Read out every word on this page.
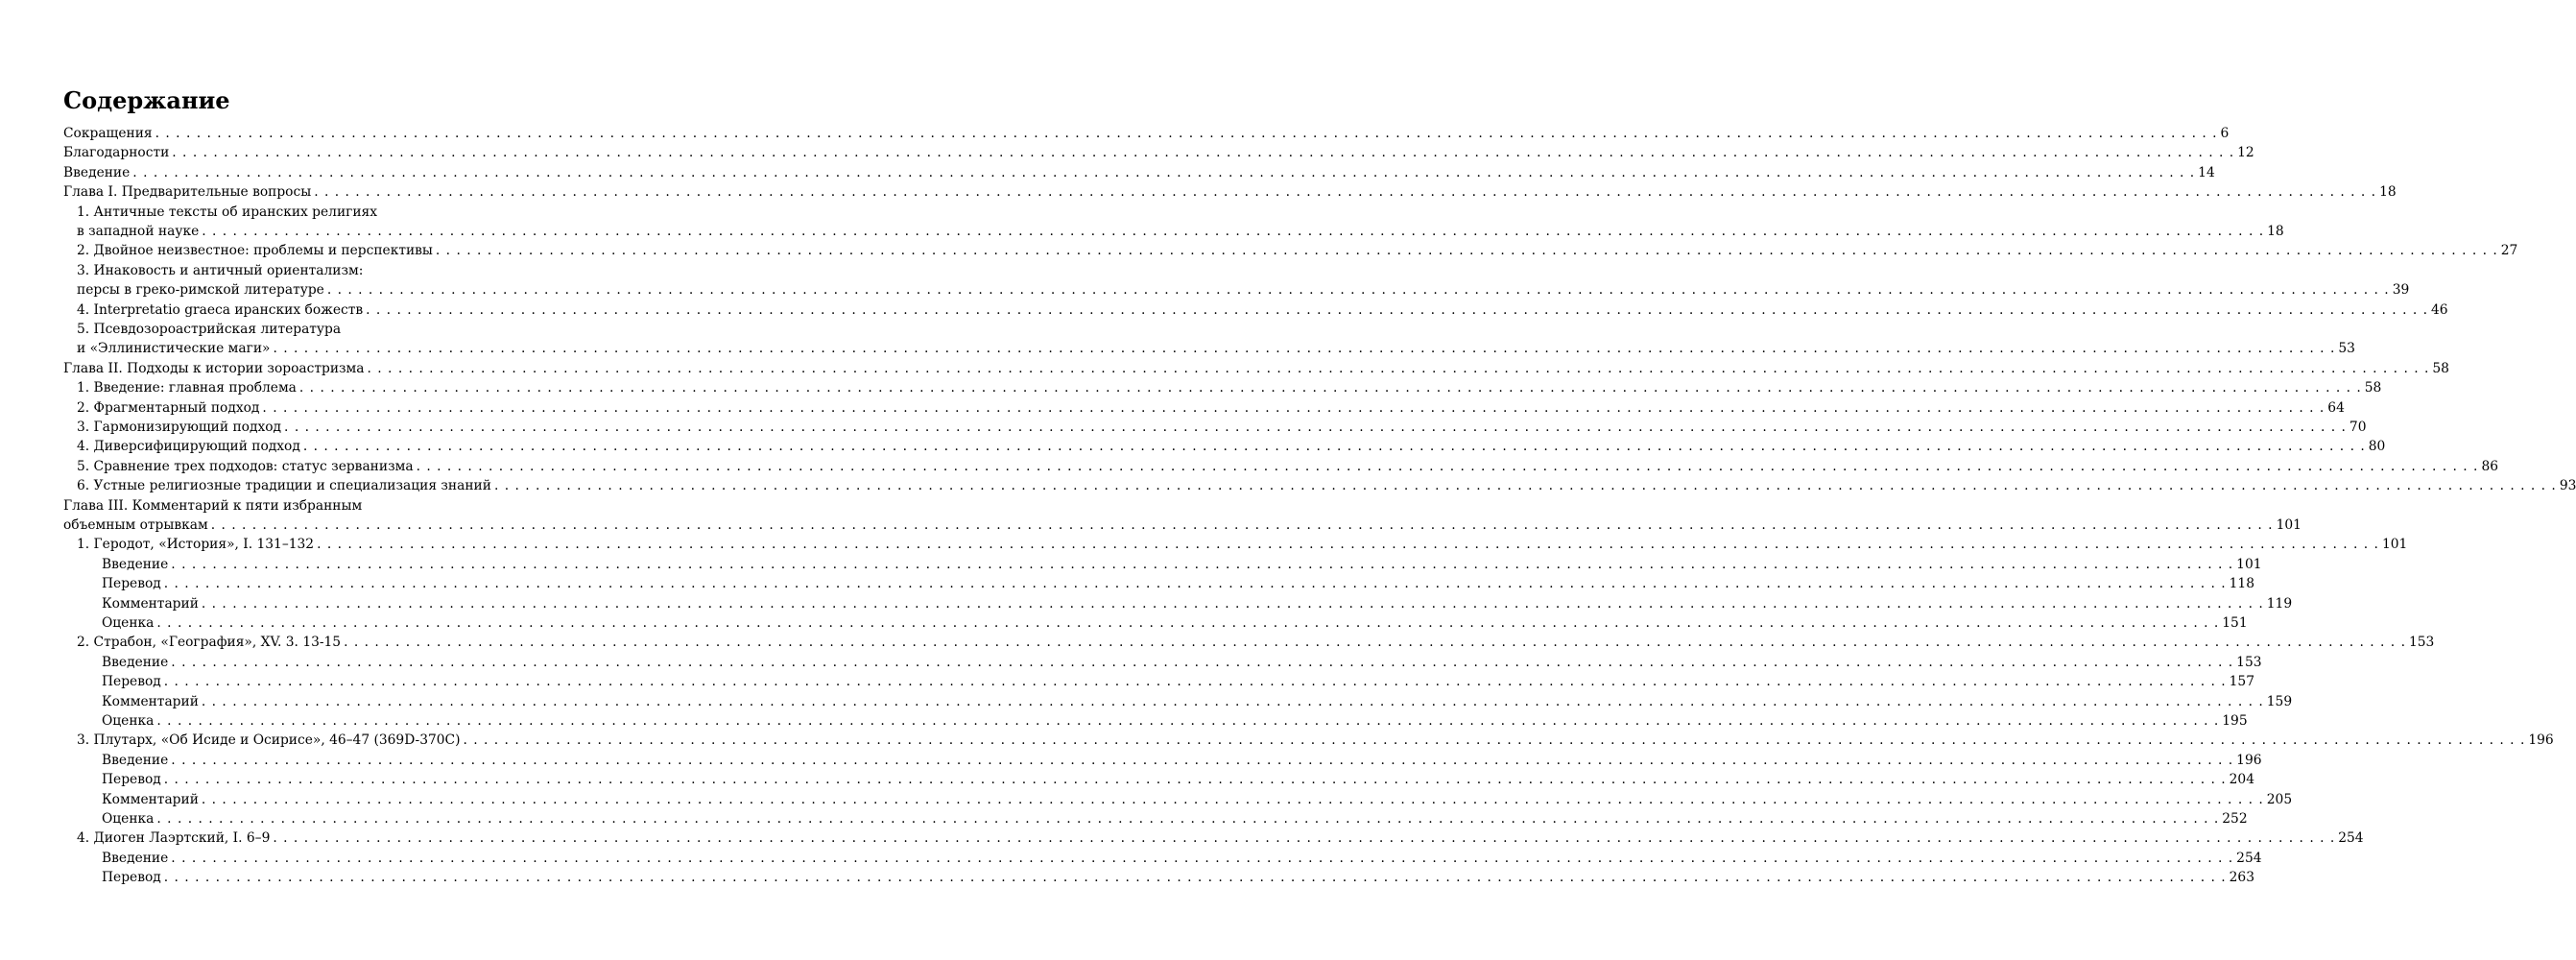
Содержание
Сокращения . . . . . . . . . . . . . . . . . . . . . . . . . . . . . . . . . . . . . . . . . . . . . . . . . . . . . . . . . . . . . . . . . . . . . . . . . . . . . . . . . . . . . . . . . . . . . . . . . . . . . . . . . . . . . . . . . . . . . . . . . . . . . . . . . . . . . . . . . . . . . . . . . . . . . . . . . . . . . . . . . . . . . . . . . . . . . . . . . . . . . . . . . . . . . . . . . . . . . . . . 6
Благодарности . . . . . . . . . . . . . . . . . . . . . . . . . . . . . . . . . . . . . . . . . . . . . . . . . . . . . . . . . . . . . . . . . . . . . . . . . . . . . . . . . . . . . . . . . . . . . . . . . . . . . . . . . . . . . . . . . . . . . . . . . . . . . . . . . . . . . . . . . . . . . . . . . . . . . . . . . . . . . . . . . . . . . . . . . . . . . . . . . . . . . . . . . . . . . . . . . . . . . . . . 12
Введение . . . . . . . . . . . . . . . . . . . . . . . . . . . . . . . . . . . . . . . . . . . . . . . . . . . . . . . . . . . . . . . . . . . . . . . . . . . . . . . . . . . . . . . . . . . . . . . . . . . . . . . . . . . . . . . . . . . . . . . . . . . . . . . . . . . . . . . . . . . . . . . . . . . . . . . . . . . . . . . . . . . . . . . . . . . . . . . . . . . . . . . . . . . . . . . . . . . . . . . . 14
Глава I. Предварительные вопросы . . . . . . . . . . . . . . . . . . . . . . . . . . . . . . . . . . . . . . . . . . . . . . . . . . . . . . . . . . . . . . . . . . . . . . . . . . . . . . . . . . . . . . . . . . . . . . . . . . . . . . . . . . . . . . . . . . . . . . . . . . . . . . . . . . . . . . . . . . . . . . . . . . . . . . . . . . . . . . . . . . . . . . . . . . . . . . . . . . . . . . . . . . . . . . . . . . . . . . . . 18
1. Античные тексты об иранских религиях
в западной науке . . . . . . . . . . . . . . . . . . . . . . . . . . . . . . . . . . . . . . . . . . . . . . . . . . . . . . . . . . . . . . . . . . . . . . . . . . . . . . . . . . . . . . . . . . . . . . . . . . . . . . . . . . . . . . . . . . . . . . . . . . . . . . . . . . . . . . . . . . . . . . . . . . . . . . . . . . . . . . . . . . . . . . . . . . . . . . . . . . . . . . . . . . . . . . . . . . . . . . . . 18
2. Двойное неизвестное: проблемы и перспективы . . . . . . . . . . . . . . . . . . . . . . . . . . . . . . . . . . . . . . . . . . . . . . . . . . . . . . . . . . . . . . . . . . . . . . . . . . . . . . . . . . . . . . . . . . . . . . . . . . . . . . . . . . . . . . . . . . . . . . . . . . . . . . . . . . . . . . . . . . . . . . . . . . . . . . . . . . . . . . . . . . . . . . . . . . . . . . . . . . . . . . . . . . . . . . . . . . . . . . . . 27
3. Инаковость и античный ориентализм:
персы в греко-римской литературе . . . . . . . . . . . . . . . . . . . . . . . . . . . . . . . . . . . . . . . . . . . . . . . . . . . . . . . . . . . . . . . . . . . . . . . . . . . . . . . . . . . . . . . . . . . . . . . . . . . . . . . . . . . . . . . . . . . . . . . . . . . . . . . . . . . . . . . . . . . . . . . . . . . . . . . . . . . . . . . . . . . . . . . . . . . . . . . . . . . . . . . . . . . . . . . . . . . . . . . . 39
4. Interpretatio graeca иранских божеств . . . . . . . . . . . . . . . . . . . . . . . . . . . . . . . . . . . . . . . . . . . . . . . . . . . . . . . . . . . . . . . . . . . . . . . . . . . . . . . . . . . . . . . . . . . . . . . . . . . . . . . . . . . . . . . . . . . . . . . . . . . . . . . . . . . . . . . . . . . . . . . . . . . . . . . . . . . . . . . . . . . . . . . . . . . . . . . . . . . . . . . . . . . . . . . . . . . . . . . . 46
5. Псевдозороастрийская литература
и «Эллинистические маги» . . . . . . . . . . . . . . . . . . . . . . . . . . . . . . . . . . . . . . . . . . . . . . . . . . . . . . . . . . . . . . . . . . . . . . . . . . . . . . . . . . . . . . . . . . . . . . . . . . . . . . . . . . . . . . . . . . . . . . . . . . . . . . . . . . . . . . . . . . . . . . . . . . . . . . . . . . . . . . . . . . . . . . . . . . . . . . . . . . . . . . . . . . . . . . . . . . . . . . . . 53
Глава II. Подходы к истории зороастризма . . . . . . . . . . . . . . . . . . . . . . . . . . . . . . . . . . . . . . . . . . . . . . . . . . . . . . . . . . . . . . . . . . . . . . . . . . . . . . . . . . . . . . . . . . . . . . . . . . . . . . . . . . . . . . . . . . . . . . . . . . . . . . . . . . . . . . . . . . . . . . . . . . . . . . . . . . . . . . . . . . . . . . . . . . . . . . . . . . . . . . . . . . . . . . . . . . . . . . . . 58
1. Введение: главная проблема . . . . . . . . . . . . . . . . . . . . . . . . . . . . . . . . . . . . . . . . . . . . . . . . . . . . . . . . . . . . . . . . . . . . . . . . . . . . . . . . . . . . . . . . . . . . . . . . . . . . . . . . . . . . . . . . . . . . . . . . . . . . . . . . . . . . . . . . . . . . . . . . . . . . . . . . . . . . . . . . . . . . . . . . . . . . . . . . . . . . . . . . . . . . . . . . . . . . . . . . 58
2. Фрагментарный подход . . . . . . . . . . . . . . . . . . . . . . . . . . . . . . . . . . . . . . . . . . . . . . . . . . . . . . . . . . . . . . . . . . . . . . . . . . . . . . . . . . . . . . . . . . . . . . . . . . . . . . . . . . . . . . . . . . . . . . . . . . . . . . . . . . . . . . . . . . . . . . . . . . . . . . . . . . . . . . . . . . . . . . . . . . . . . . . . . . . . . . . . . . . . . . . . . . . . . . . . 64
3. Гармонизирующий подход . . . . . . . . . . . . . . . . . . . . . . . . . . . . . . . . . . . . . . . . . . . . . . . . . . . . . . . . . . . . . . . . . . . . . . . . . . . . . . . . . . . . . . . . . . . . . . . . . . . . . . . . . . . . . . . . . . . . . . . . . . . . . . . . . . . . . . . . . . . . . . . . . . . . . . . . . . . . . . . . . . . . . . . . . . . . . . . . . . . . . . . . . . . . . . . . . . . . . . . . 70
4. Диверсифицирующий подход . . . . . . . . . . . . . . . . . . . . . . . . . . . . . . . . . . . . . . . . . . . . . . . . . . . . . . . . . . . . . . . . . . . . . . . . . . . . . . . . . . . . . . . . . . . . . . . . . . . . . . . . . . . . . . . . . . . . . . . . . . . . . . . . . . . . . . . . . . . . . . . . . . . . . . . . . . . . . . . . . . . . . . . . . . . . . . . . . . . . . . . . . . . . . . . . . . . . . . . . 80
5. Сравнение трех подходов: статус зерванизма . . . . . . . . . . . . . . . . . . . . . . . . . . . . . . . . . . . . . . . . . . . . . . . . . . . . . . . . . . . . . . . . . . . . . . . . . . . . . . . . . . . . . . . . . . . . . . . . . . . . . . . . . . . . . . . . . . . . . . . . . . . . . . . . . . . . . . . . . . . . . . . . . . . . . . . . . . . . . . . . . . . . . . . . . . . . . . . . . . . . . . . . . . . . . . . . . . . . . . . . 86
6. Устные религиозные традиции и специализация знаний . . . . . . . . . . . . . . . . . . . . . . . . . . . . . . . . . . . . . . . . . . . . . . . . . . . . . . . . . . . . . . . . . . . . . . . . . . . . . . . . . . . . . . . . . . . . . . . . . . . . . . . . . . . . . . . . . . . . . . . . . . . . . . . . . . . . . . . . . . . . . . . . . . . . . . . . . . . . . . . . . . . . . . . . . . . . . . . . . . . . . . . . . . . . . . . . . . . . . . . . 93
Глава III. Комментарий к пяти избранным
объемным отрывкам . . . . . . . . . . . . . . . . . . . . . . . . . . . . . . . . . . . . . . . . . . . . . . . . . . . . . . . . . . . . . . . . . . . . . . . . . . . . . . . . . . . . . . . . . . . . . . . . . . . . . . . . . . . . . . . . . . . . . . . . . . . . . . . . . . . . . . . . . . . . . . . . . . . . . . . . . . . . . . . . . . . . . . . . . . . . . . . . . . . . . . . . . . . . . . . . . . . . . . . . 101
1. Геродот, «История», I. 131–132 . . . . . . . . . . . . . . . . . . . . . . . . . . . . . . . . . . . . . . . . . . . . . . . . . . . . . . . . . . . . . . . . . . . . . . . . . . . . . . . . . . . . . . . . . . . . . . . . . . . . . . . . . . . . . . . . . . . . . . . . . . . . . . . . . . . . . . . . . . . . . . . . . . . . . . . . . . . . . . . . . . . . . . . . . . . . . . . . . . . . . . . . . . . . . . . . . . . . . . . . 101
Введение . . . . . . . . . . . . . . . . . . . . . . . . . . . . . . . . . . . . . . . . . . . . . . . . . . . . . . . . . . . . . . . . . . . . . . . . . . . . . . . . . . . . . . . . . . . . . . . . . . . . . . . . . . . . . . . . . . . . . . . . . . . . . . . . . . . . . . . . . . . . . . . . . . . . . . . . . . . . . . . . . . . . . . . . . . . . . . . . . . . . . . . . . . . . . . . . . . . . . . . . 101
Перевод . . . . . . . . . . . . . . . . . . . . . . . . . . . . . . . . . . . . . . . . . . . . . . . . . . . . . . . . . . . . . . . . . . . . . . . . . . . . . . . . . . . . . . . . . . . . . . . . . . . . . . . . . . . . . . . . . . . . . . . . . . . . . . . . . . . . . . . . . . . . . . . . . . . . . . . . . . . . . . . . . . . . . . . . . . . . . . . . . . . . . . . . . . . . . . . . . . . . . . . . 118
Комментарий . . . . . . . . . . . . . . . . . . . . . . . . . . . . . . . . . . . . . . . . . . . . . . . . . . . . . . . . . . . . . . . . . . . . . . . . . . . . . . . . . . . . . . . . . . . . . . . . . . . . . . . . . . . . . . . . . . . . . . . . . . . . . . . . . . . . . . . . . . . . . . . . . . . . . . . . . . . . . . . . . . . . . . . . . . . . . . . . . . . . . . . . . . . . . . . . . . . . . . . . 119
Оценка . . . . . . . . . . . . . . . . . . . . . . . . . . . . . . . . . . . . . . . . . . . . . . . . . . . . . . . . . . . . . . . . . . . . . . . . . . . . . . . . . . . . . . . . . . . . . . . . . . . . . . . . . . . . . . . . . . . . . . . . . . . . . . . . . . . . . . . . . . . . . . . . . . . . . . . . . . . . . . . . . . . . . . . . . . . . . . . . . . . . . . . . . . . . . . . . . . . . . . . . 151
2. Страбон, «География», XV. 3. 13-15 . . . . . . . . . . . . . . . . . . . . . . . . . . . . . . . . . . . . . . . . . . . . . . . . . . . . . . . . . . . . . . . . . . . . . . . . . . . . . . . . . . . . . . . . . . . . . . . . . . . . . . . . . . . . . . . . . . . . . . . . . . . . . . . . . . . . . . . . . . . . . . . . . . . . . . . . . . . . . . . . . . . . . . . . . . . . . . . . . . . . . . . . . . . . . . . . . . . . . . . . 153
Введение . . . . . . . . . . . . . . . . . . . . . . . . . . . . . . . . . . . . . . . . . . . . . . . . . . . . . . . . . . . . . . . . . . . . . . . . . . . . . . . . . . . . . . . . . . . . . . . . . . . . . . . . . . . . . . . . . . . . . . . . . . . . . . . . . . . . . . . . . . . . . . . . . . . . . . . . . . . . . . . . . . . . . . . . . . . . . . . . . . . . . . . . . . . . . . . . . . . . . . . . 153
Перевод . . . . . . . . . . . . . . . . . . . . . . . . . . . . . . . . . . . . . . . . . . . . . . . . . . . . . . . . . . . . . . . . . . . . . . . . . . . . . . . . . . . . . . . . . . . . . . . . . . . . . . . . . . . . . . . . . . . . . . . . . . . . . . . . . . . . . . . . . . . . . . . . . . . . . . . . . . . . . . . . . . . . . . . . . . . . . . . . . . . . . . . . . . . . . . . . . . . . . . . . 157
Комментарий . . . . . . . . . . . . . . . . . . . . . . . . . . . . . . . . . . . . . . . . . . . . . . . . . . . . . . . . . . . . . . . . . . . . . . . . . . . . . . . . . . . . . . . . . . . . . . . . . . . . . . . . . . . . . . . . . . . . . . . . . . . . . . . . . . . . . . . . . . . . . . . . . . . . . . . . . . . . . . . . . . . . . . . . . . . . . . . . . . . . . . . . . . . . . . . . . . . . . . . . 159
Оценка . . . . . . . . . . . . . . . . . . . . . . . . . . . . . . . . . . . . . . . . . . . . . . . . . . . . . . . . . . . . . . . . . . . . . . . . . . . . . . . . . . . . . . . . . . . . . . . . . . . . . . . . . . . . . . . . . . . . . . . . . . . . . . . . . . . . . . . . . . . . . . . . . . . . . . . . . . . . . . . . . . . . . . . . . . . . . . . . . . . . . . . . . . . . . . . . . . . . . . . . 195
3. Плутарх, «Об Исиде и Осирисе», 46–47 (369D-370C) . . . . . . . . . . . . . . . . . . . . . . . . . . . . . . . . . . . . . . . . . . . . . . . . . . . . . . . . . . . . . . . . . . . . . . . . . . . . . . . . . . . . . . . . . . . . . . . . . . . . . . . . . . . . . . . . . . . . . . . . . . . . . . . . . . . . . . . . . . . . . . . . . . . . . . . . . . . . . . . . . . . . . . . . . . . . . . . . . . . . . . . . . . . . . . . . . . . . . . . . 196
Введение . . . . . . . . . . . . . . . . . . . . . . . . . . . . . . . . . . . . . . . . . . . . . . . . . . . . . . . . . . . . . . . . . . . . . . . . . . . . . . . . . . . . . . . . . . . . . . . . . . . . . . . . . . . . . . . . . . . . . . . . . . . . . . . . . . . . . . . . . . . . . . . . . . . . . . . . . . . . . . . . . . . . . . . . . . . . . . . . . . . . . . . . . . . . . . . . . . . . . . . . 196
Перевод . . . . . . . . . . . . . . . . . . . . . . . . . . . . . . . . . . . . . . . . . . . . . . . . . . . . . . . . . . . . . . . . . . . . . . . . . . . . . . . . . . . . . . . . . . . . . . . . . . . . . . . . . . . . . . . . . . . . . . . . . . . . . . . . . . . . . . . . . . . . . . . . . . . . . . . . . . . . . . . . . . . . . . . . . . . . . . . . . . . . . . . . . . . . . . . . . . . . . . . . 204
Комментарий . . . . . . . . . . . . . . . . . . . . . . . . . . . . . . . . . . . . . . . . . . . . . . . . . . . . . . . . . . . . . . . . . . . . . . . . . . . . . . . . . . . . . . . . . . . . . . . . . . . . . . . . . . . . . . . . . . . . . . . . . . . . . . . . . . . . . . . . . . . . . . . . . . . . . . . . . . . . . . . . . . . . . . . . . . . . . . . . . . . . . . . . . . . . . . . . . . . . . . . . 205
Оценка . . . . . . . . . . . . . . . . . . . . . . . . . . . . . . . . . . . . . . . . . . . . . . . . . . . . . . . . . . . . . . . . . . . . . . . . . . . . . . . . . . . . . . . . . . . . . . . . . . . . . . . . . . . . . . . . . . . . . . . . . . . . . . . . . . . . . . . . . . . . . . . . . . . . . . . . . . . . . . . . . . . . . . . . . . . . . . . . . . . . . . . . . . . . . . . . . . . . . . . . 252
4. Диоген Лаэртский, I. 6–9 . . . . . . . . . . . . . . . . . . . . . . . . . . . . . . . . . . . . . . . . . . . . . . . . . . . . . . . . . . . . . . . . . . . . . . . . . . . . . . . . . . . . . . . . . . . . . . . . . . . . . . . . . . . . . . . . . . . . . . . . . . . . . . . . . . . . . . . . . . . . . . . . . . . . . . . . . . . . . . . . . . . . . . . . . . . . . . . . . . . . . . . . . . . . . . . . . . . . . . . . 254
Введение . . . . . . . . . . . . . . . . . . . . . . . . . . . . . . . . . . . . . . . . . . . . . . . . . . . . . . . . . . . . . . . . . . . . . . . . . . . . . . . . . . . . . . . . . . . . . . . . . . . . . . . . . . . . . . . . . . . . . . . . . . . . . . . . . . . . . . . . . . . . . . . . . . . . . . . . . . . . . . . . . . . . . . . . . . . . . . . . . . . . . . . . . . . . . . . . . . . . . . . . 254
Перевод . . . . . . . . . . . . . . . . . . . . . . . . . . . . . . . . . . . . . . . . . . . . . . . . . . . . . . . . . . . . . . . . . . . . . . . . . . . . . . . . . . . . . . . . . . . . . . . . . . . . . . . . . . . . . . . . . . . . . . . . . . . . . . . . . . . . . . . . . . . . . . . . . . . . . . . . . . . . . . . . . . . . . . . . . . . . . . . . . . . . . . . . . . . . . . . . . . . . . . . . 263
